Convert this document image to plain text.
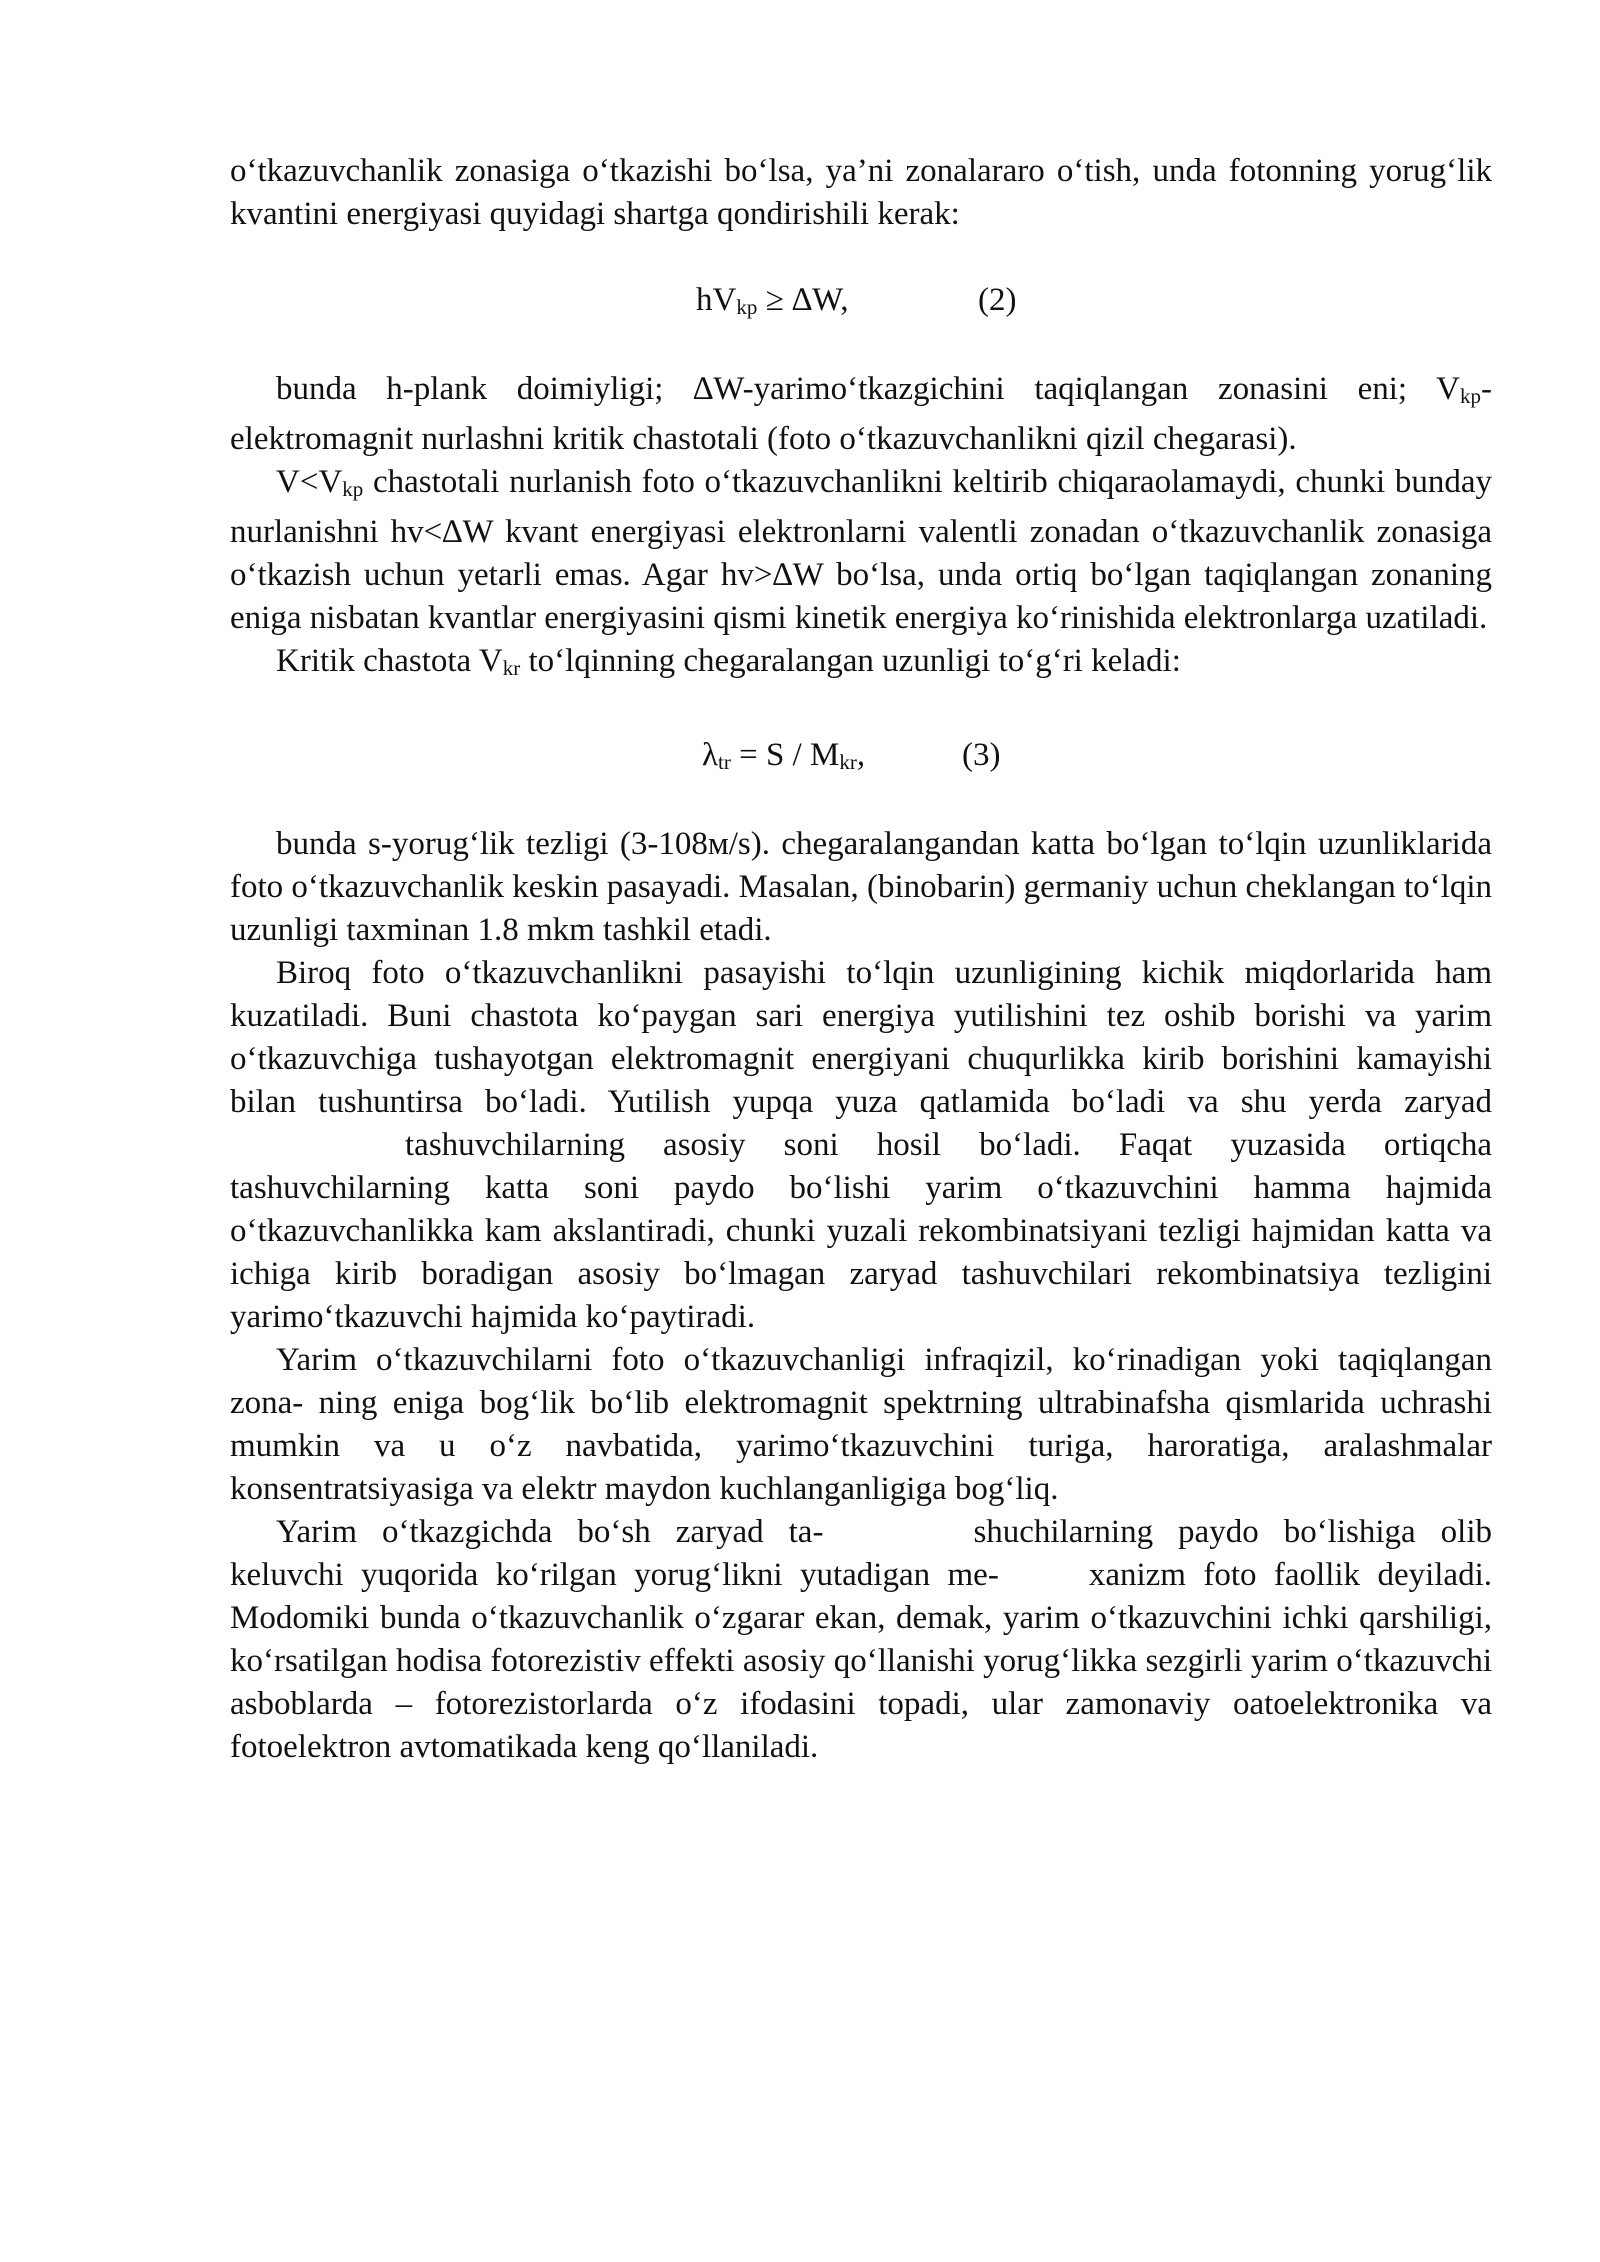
o‘tkazuvchanlik zonasiga o‘tkazishi bo‘lsa, ya’ni zonalararo o‘tish, unda fotonning yorug‘lik kvantini energiyasi quyidagi shartga qondirishili kerak:

hVkp ≥ ∆W,	(2)

bunda h-plank doimiyligi; ∆W-yarimo‘tkazgichini taqiqlangan zonasini eni; Vkp-elektromagnit nurlashni kritik chastotali (foto o‘tkazuvchanlikni qizil chegarasi).

V<Vkp chastotali nurlanish foto o‘tkazuvchanlikni keltirib chiqaraolamaydi, chunki bunday nurlanishni hv<∆W kvant energiyasi elektronlarni valentli zonadan o‘tkazuvchanlik zonasiga o‘tkazish uchun yetarli emas. Agar hv>∆W bo‘lsa, unda ortiq bo‘lgan taqiqlangan zonaning eniga nisbatan kvantlar energiyasini qismi kinetik energiya ko‘rinishida elektronlarga uzatiladi.

Kritik chastota Vkr to‘lqinning chegaralangan uzunligi to‘g‘ri keladi:

λtr = S / Mkr,	(3)

bunda s-yorug‘lik tezligi (3-108м/s). chegaralangandan katta bo‘lgan to‘lqin uzunliklarida foto o‘tkazuvchanlik keskin pasayadi. Masalan, (binobarin) germaniy uchun cheklangan to‘lqin uzunligi taxminan 1.8 mkm tashkil etadi.

Biroq foto o‘tkazuvchanlikni pasayishi to‘lqin uzunligining kichik miqdorlarida ham kuzatiladi. Buni chastota ko‘paygan sari energiya yutilishini tez oshib borishi va yarim o‘tkazuvchiga tushayotgan elektromagnit energiyani chuqurlikka kirib borishini kamayishi bilan tushuntirsa bo‘ladi. Yutilish yupqa yuza qatlamida bo‘ladi va shu yerda zaryadtashuvchilarning asosiy soni hosil bo‘ladi. Faqat yuzasida ortiqcha tashuvchilarning katta soni paydo bo‘lishi yarim o‘tkazuvchini hamma hajmida o‘tkazuvchanlikka kam akslantiradi, chunki yuzali rekombinatsiyani tezligi hajmidan katta va ichiga kirib boradigan asosiy bo‘lmagan zaryad tashuvchilari rekombinatsiya tezligini yarimo‘tkazuvchi hajmida ko‘paytiradi.

Yarim o‘tkazuvchilarni foto o‘tkazuvchanligi infraqizil, ko‘rinadigan yoki taqiqlangan zona- ning eniga bog‘lik bo‘lib elektromagnit spektrning ultrabinafsha qismlarida uchrashi mumkin va u o‘z navbatida, yarimo‘tkazuvchini turiga, haroratiga, aralashmalar konsentratsiyasiga va elektr maydon kuchlanganligiga bog‘liq.

Yarim o‘tkazgichda bo‘sh zaryad ta-	shuchilarning paydo bo‘lishiga olib keluvchi yuqorida ko‘rilgan yorug‘likni yutadigan me-	xanizm foto faollik deyiladi. Modomiki bunda o‘tkazuvchanlik o‘zgarar ekan, demak, yarim o‘tkazuvchini ichki qarshiligi, ko‘rsatilgan hodisa fotorezistiv effekti asosiy qo‘llanishi yorug‘likka sezgirli yarim o‘tkazuvchi asboblarda – fotorezistorlarda o‘z ifodasini topadi, ular zamonaviy oatoelektronika va fotoelektron avtomatikada keng qo‘llaniladi.
